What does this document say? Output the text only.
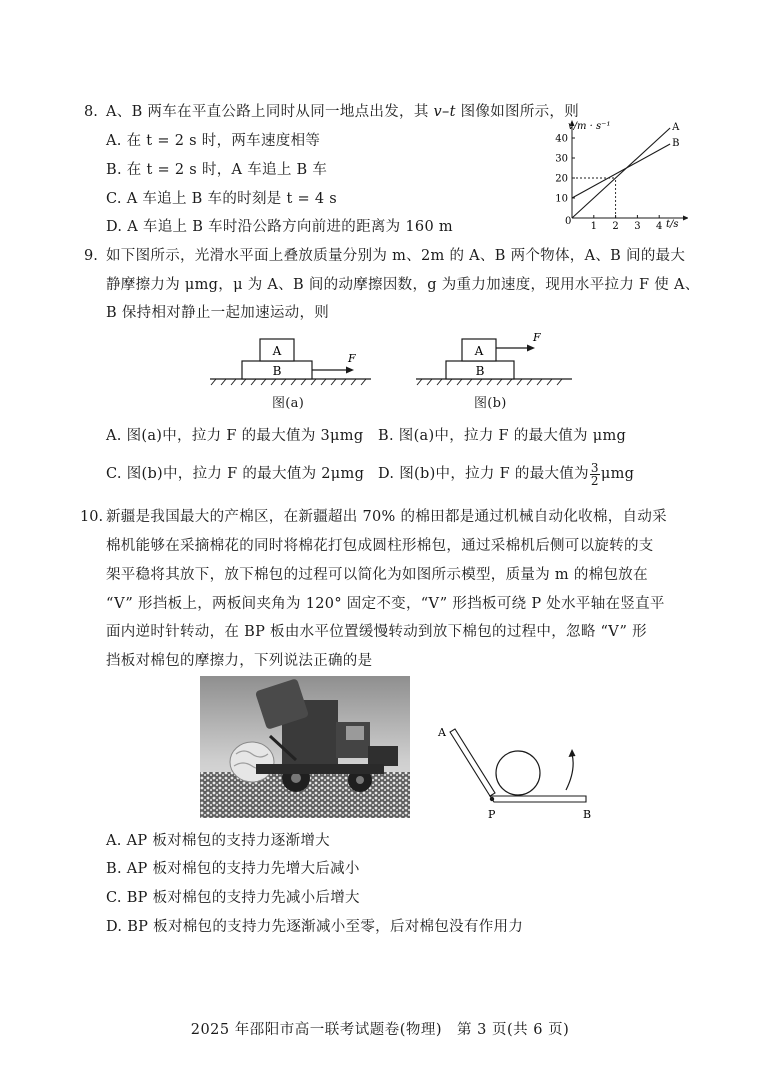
8. A、B 两车在平直公路上同时从同一地点出发，其 v–t 图像如图所示，则
A. 在 t = 2 s 时，两车速度相等
B. 在 t = 2 s 时，A 车追上 B 车
C. A 车追上 B 车的时刻是 t = 4 s
D. A 车追上 B 车时沿公路方向前进的距离为 160 m	1 2 3 4
10
20
30
40
A
B
v/m · s⁻¹
t/s
0
9. 如下图所示，光滑水平面上叠放质量分别为 m、2m 的 A、B 两个物体，A、B 间的最大
静摩擦力为 μmg，μ 为 A、B 间的动摩擦因数，g 为重力加速度，现用水平拉力 F 使 A、
B 保持相对静止一起加速运动，则
A
B
F
图(a)
A
B
F
图(b)
A. 图(a)中，拉力 F 的最大值为 3μmg B. 图(a)中，拉力 F 的最大值为 μmg
C. 图(b)中，拉力 F 的最大值为 2μmg D. 图(b)中，拉力 F 的最大值为 $\frac{3}{2}$ μmg
10. 新疆是我国最大的产棉区，在新疆超出 70% 的棉田都是通过机械自动化收棉，自动采
棉机能够在采摘棉花的同时将棉花打包成圆柱形棉包，通过采棉机后侧可以旋转的支
架平稳将其放下，放下棉包的过程可以简化为如图所示模型，质量为 m 的棉包放在
“V” 形挡板上，两板间夹角为 120° 固定不变，“V” 形挡板可绕 P 处水平轴在竖直平
面内逆时针转动，在 BP 板由水平位置缓慢转动到放下棉包的过程中，忽略 “V” 形
挡板对棉包的摩擦力，下列说法正确的是
A
P	B
A. AP 板对棉包的支持力逐渐增大
B. AP 板对棉包的支持力先增大后减小
C. BP 板对棉包的支持力先减小后增大
D. BP 板对棉包的支持力先逐渐减小至零，后对棉包没有作用力
2025 年邵阳市高一联考试题卷(物理)　第 3 页(共 6 页)
